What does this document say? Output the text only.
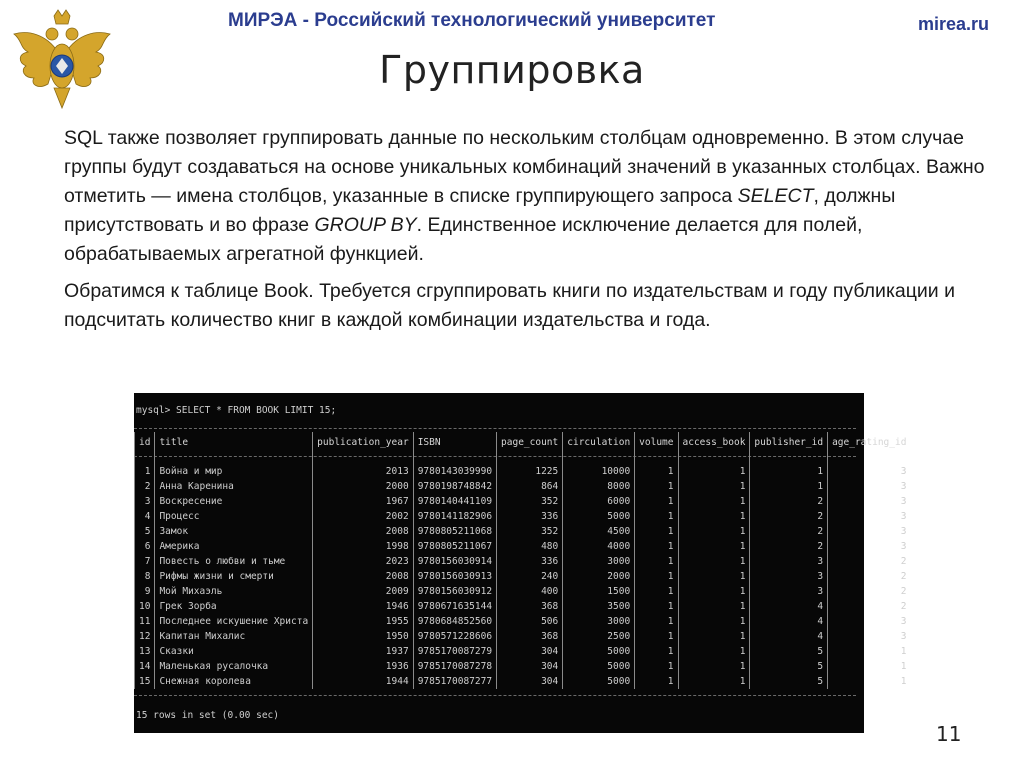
МИРЭА - Российский технологический университет	mirea.ru
Группировка

SQL также позволяет группировать данные по нескольким столбцам одновременно. В этом случае группы будут создаваться на основе уникальных комбинаций значений в указанных столбцах. Важно отметить — имена столбцов, указанные в списке группирующего запроса SELECT, должны присутствовать и во фразе GROUP BY. Единственное исключение делается для полей, обрабатываемых агрегатной функцией.

Обратимся к таблице Book. Требуется сгруппировать книги по издательствам и году публикации и подсчитать количество книг в каждой комбинации издательства и года.

mysql> SELECT * FROM BOOK LIMIT 15;
id	title	publication_year	ISBN	page_count	circulation	volume	access_book	publisher_id	age_rating_id
1	Война и мир	2013	9780143039990	1225	10000	1	1	1	3
2	Анна Каренина	2000	9780198748842	864	8000	1	1	1	3
3	Воскресение	1967	9780140441109	352	6000	1	1	2	3
4	Процесс	2002	9780141182906	336	5000	1	1	2	3
5	Замок	2008	9780805211068	352	4500	1	1	2	3
6	Америка	1998	9780805211067	480	4000	1	1	2	3
7	Повесть о любви и тьме	2023	9780156030914	336	3000	1	1	3	2
8	Рифмы жизни и смерти	2008	9780156030913	240	2000	1	1	3	2
9	Мой Михаэль	2009	9780156030912	400	1500	1	1	3	2
10	Грек Зорба	1946	9780671635144	368	3500	1	1	4	2
11	Последнее искушение Христа	1955	9780684852560	506	3000	1	1	4	3
12	Капитан Михалис	1950	9780571228606	368	2500	1	1	4	3
13	Сказки	1937	9785170087279	304	5000	1	1	5	1
14	Маленькая русалочка	1936	9785170087278	304	5000	1	1	5	1
15	Снежная королева	1944	9785170087277	304	5000	1	1	5	1
15 rows in set (0.00 sec)
11
